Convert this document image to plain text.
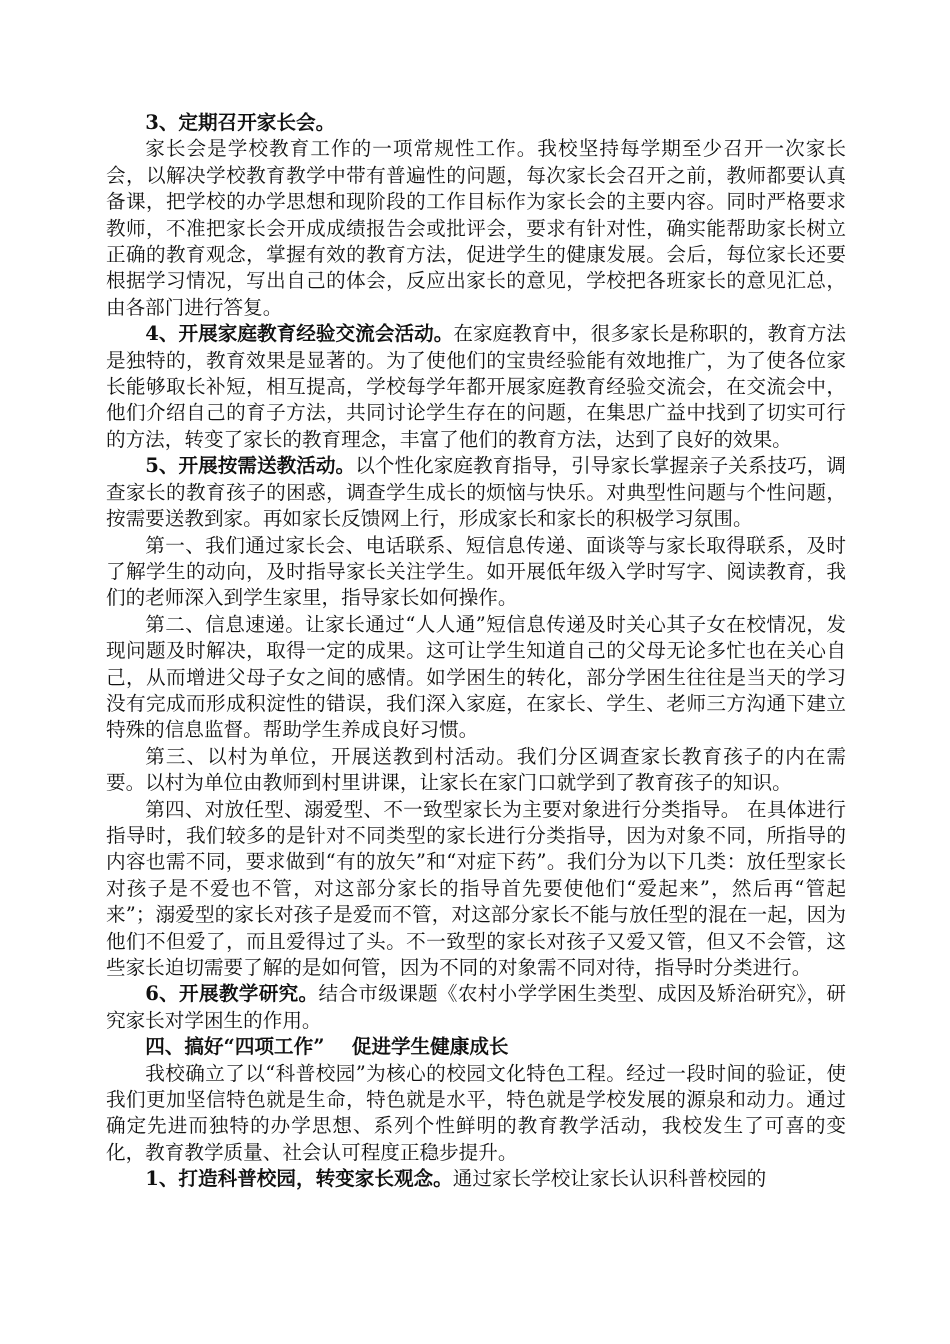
3、定期召开家长会。

家长会是学校教育工作的一项常规性工作。我校坚持每学期至少召开一次家长会，以解决学校教育教学中带有普遍性的问题，每次家长会召开之前，教师都要认真备课，把学校的办学思想和现阶段的工作目标作为家长会的主要内容。同时严格要求教师，不准把家长会开成成绩报告会或批评会，要求有针对性，确实能帮助家长树立正确的教育观念，掌握有效的教育方法，促进学生的健康发展。会后，每位家长还要根据学习情况，写出自己的体会，反应出家长的意见，学校把各班家长的意见汇总，由各部门进行答复。

4、开展家庭教育经验交流会活动。在家庭教育中，很多家长是称职的，教育方法是独特的，教育效果是显著的。为了使他们的宝贵经验能有效地推广，为了使各位家长能够取长补短，相互提高，学校每学年都开展家庭教育经验交流会，在交流会中，他们介绍自己的育子方法，共同讨论学生存在的问题，在集思广益中找到了切实可行的方法，转变了家长的教育理念，丰富了他们的教育方法，达到了良好的效果。

5、开展按需送教活动。以个性化家庭教育指导，引导家长掌握亲子关系技巧，调查家长的教育孩子的困惑，调查学生成长的烦恼与快乐。对典型性问题与个性问题，按需要送教到家。再如家长反馈网上行，形成家长和家长的积极学习氛围。

第一、我们通过家长会、电话联系、短信息传递、面谈等与家长取得联系，及时了解学生的动向，及时指导家长关注学生。如开展低年级入学时写字、阅读教育，我们的老师深入到学生家里，指导家长如何操作。

第二、信息速递。让家长通过“人人通”短信息传递及时关心其子女在校情况，发现问题及时解决，取得一定的成果。这可让学生知道自己的父母无论多忙也在关心自己，从而增进父母子女之间的感情。如学困生的转化，部分学困生往往是当天的学习没有完成而形成积淀性的错误，我们深入家庭，在家长、学生、老师三方沟通下建立特殊的信息监督。帮助学生养成良好习惯。

第三、以村为单位，开展送教到村活动。我们分区调查家长教育孩子的内在需要。以村为单位由教师到村里讲课，让家长在家门口就学到了教育孩子的知识。

第四、对放任型、溺爱型、不一致型家长为主要对象进行分类指导。 在具体进行指导时，我们较多的是针对不同类型的家长进行分类指导，因为对象不同，所指导的内容也需不同，要求做到“有的放矢”和“对症下药”。我们分为以下几类：放任型家长对孩子是不爱也不管，对这部分家长的指导首先要使他们“爱起来”，然后再“管起来”；溺爱型的家长对孩子是爱而不管，对这部分家长不能与放任型的混在一起，因为他们不但爱了，而且爱得过了头。不一致型的家长对孩子又爱又管，但又不会管，这些家长迫切需要了解的是如何管，因为不同的对象需不同对待，指导时分类进行。

6、开展教学研究。结合市级课题《农村小学学困生类型、成因及矫治研究》，研究家长对学困生的作用。

四、搞好“四项工作”    促进学生健康成长

我校确立了以“科普校园”为核心的校园文化特色工程。经过一段时间的验证，使我们更加坚信特色就是生命，特色就是水平，特色就是学校发展的源泉和动力。通过确定先进而独特的办学思想、系列个性鲜明的教育教学活动，我校发生了可喜的变化，教育教学质量、社会认可程度正稳步提升。

1、打造科普校园，转变家长观念。通过家长学校让家长认识科普校园的
